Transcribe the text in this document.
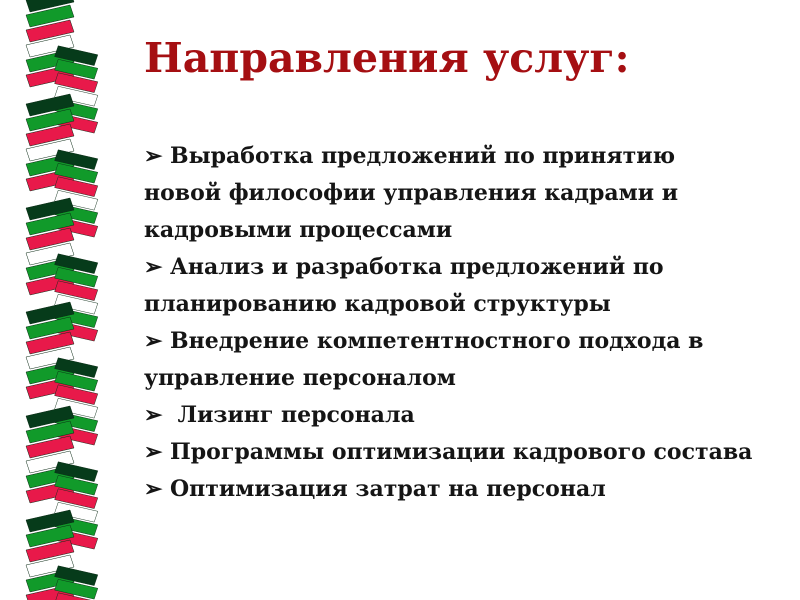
Направления услуг:
➢ Выработка предложений по принятию новой философии управления кадрами и кадровыми процессами
➢ Анализ и разработка предложений по планированию кадровой структуры
➢ Внедрение компетентностного подхода в управление персоналом
➢ Лизинг персонала
➢ Программы оптимизации кадрового состава
➢ Оптимизация затрат на персонал
